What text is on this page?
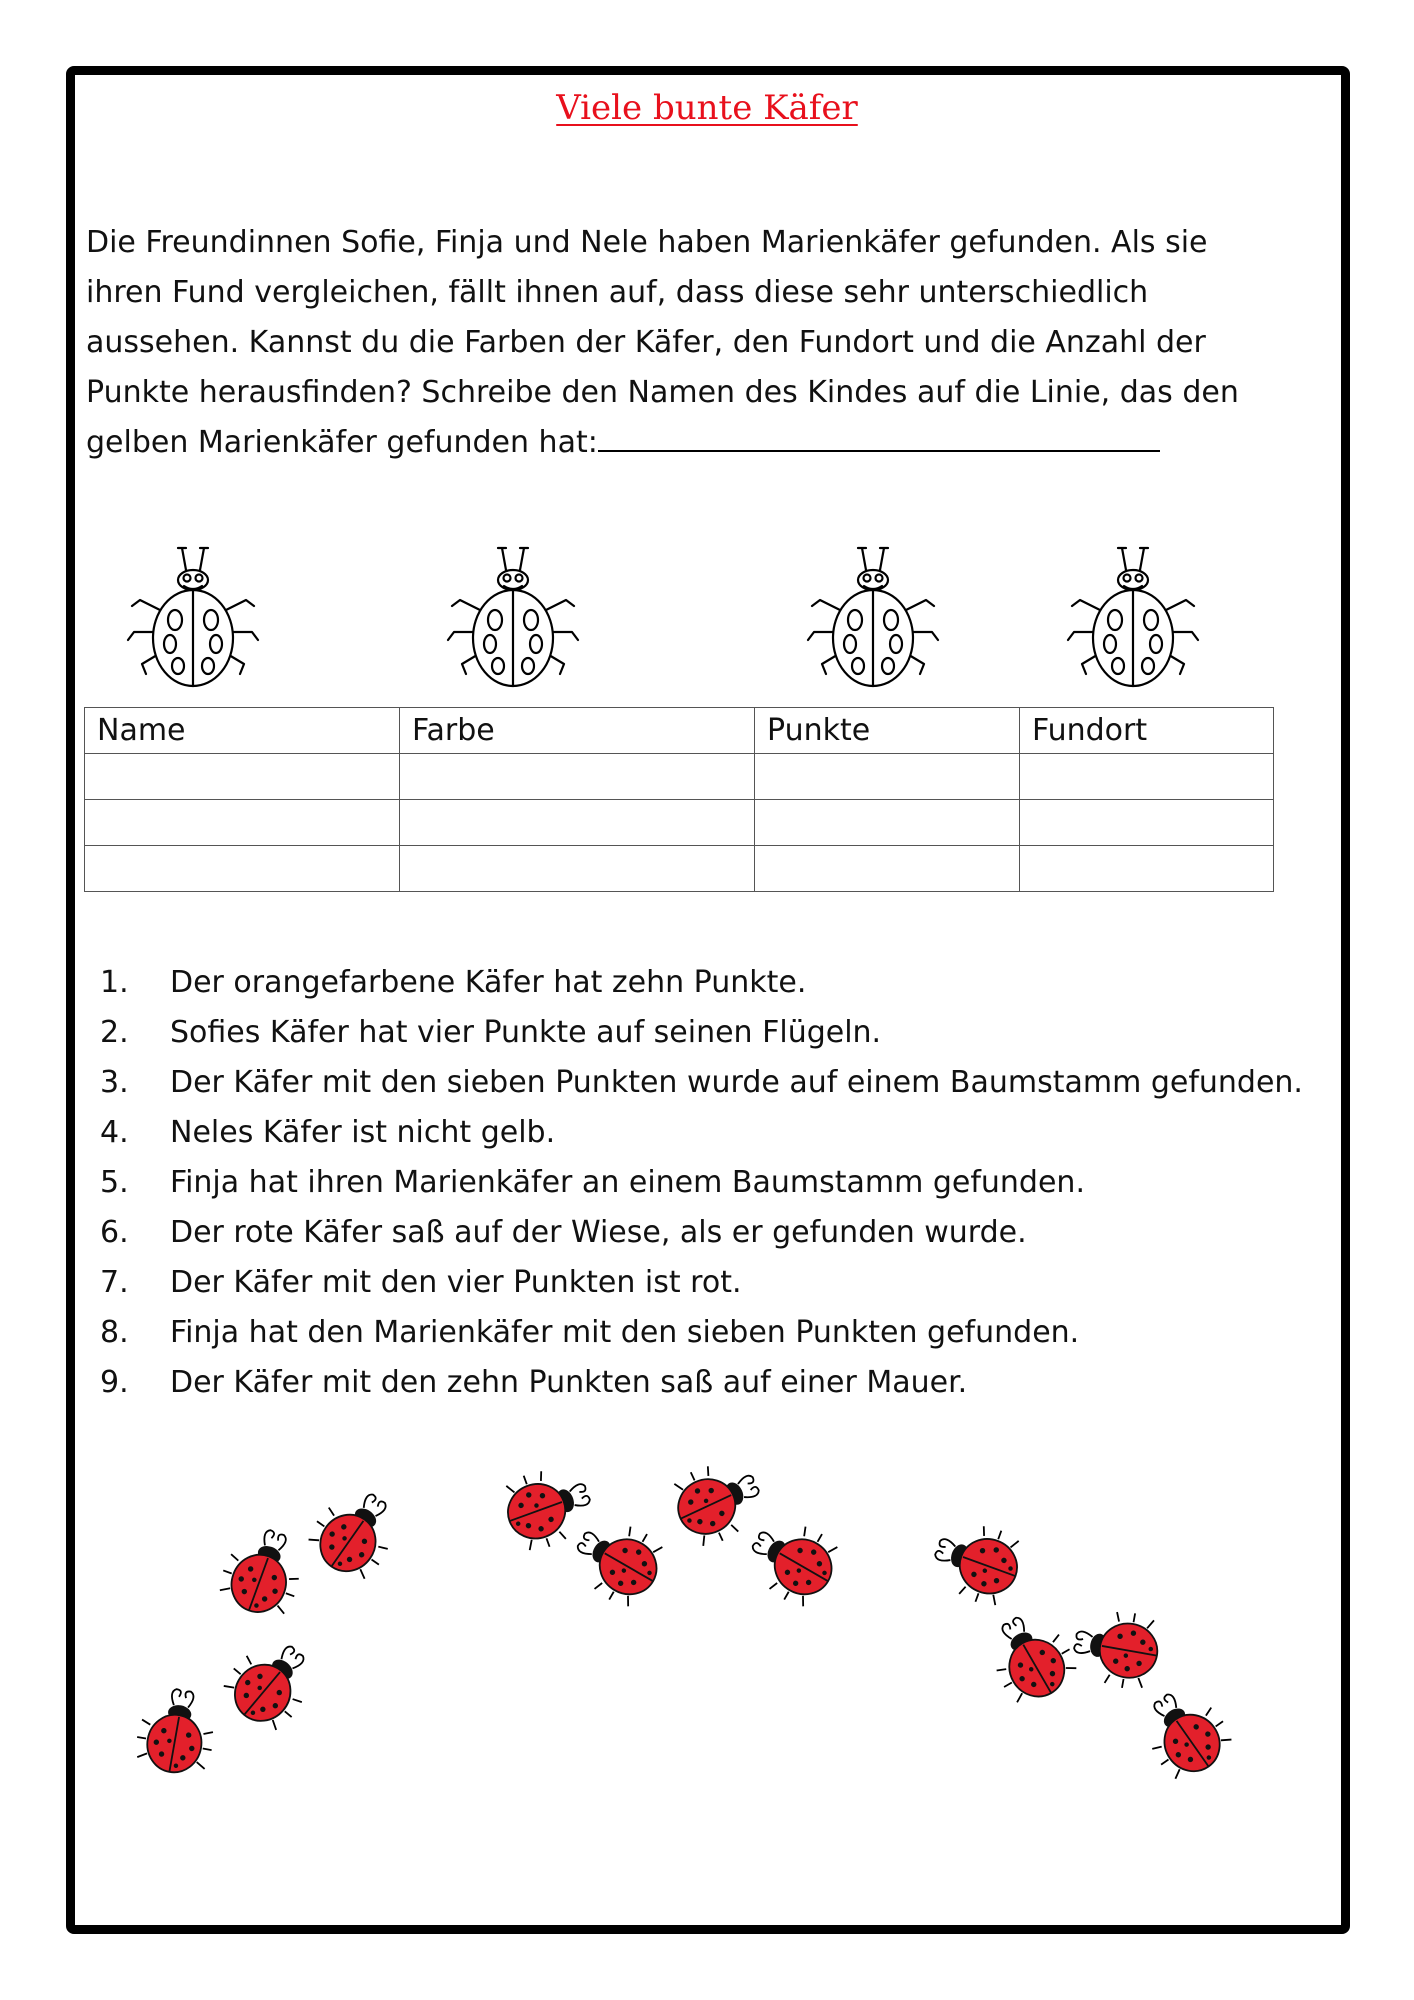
Viele bunte Käfer
Die Freundinnen Sofie, Finja und Nele haben Marienkäfer gefunden. Als sie
ihren Fund vergleichen, fällt ihnen auf, dass diese sehr unterschiedlich
aussehen. Kannst du die Farben der Käfer, den Fundort und die Anzahl der
Punkte herausfinden? Schreibe den Namen des Kindes auf die Linie, das den
gelben Marienkäfer gefunden hat:
Name	Farbe	Punkte	Fundort

1.	Der orangefarbene Käfer hat zehn Punkte.
2.	Sofies Käfer hat vier Punkte auf seinen Flügeln.
3.	Der Käfer mit den sieben Punkten wurde auf einem Baumstamm gefunden.
4.	Neles Käfer ist nicht gelb.
5.	Finja hat ihren Marienkäfer an einem Baumstamm gefunden.
6.	Der rote Käfer saß auf der Wiese, als er gefunden wurde.
7.	Der Käfer mit den vier Punkten ist rot.
8.	Finja hat den Marienkäfer mit den sieben Punkten gefunden.
9.	Der Käfer mit den zehn Punkten saß auf einer Mauer.
